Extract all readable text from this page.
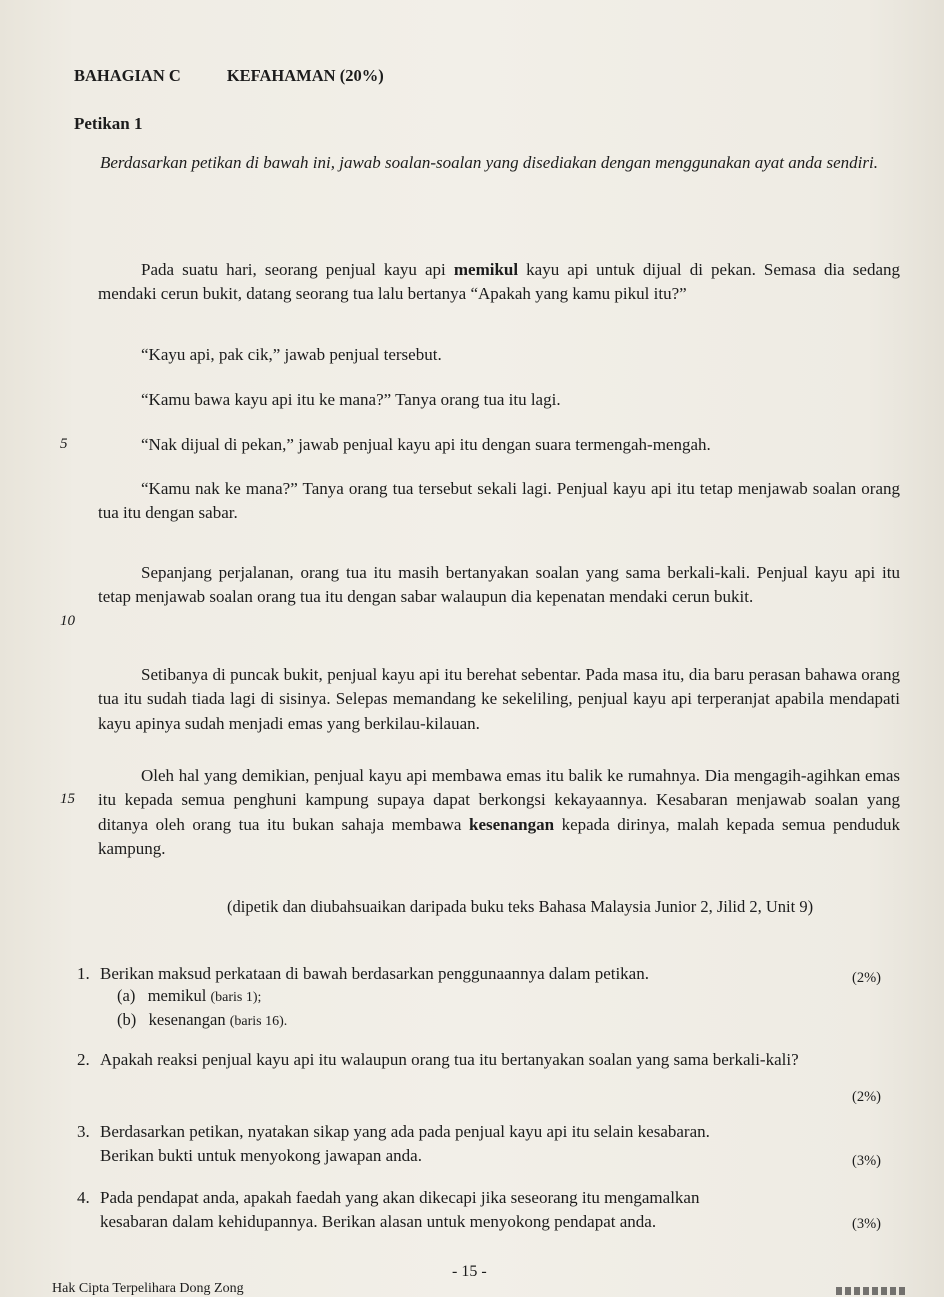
BAHAGIAN C	KEFAHAMAN (20%)
Petikan 1
Berdasarkan petikan di bawah ini, jawab soalan-soalan yang disediakan dengan menggunakan ayat anda sendiri.
Pada suatu hari, seorang penjual kayu api memikul kayu api untuk dijual di pekan. Semasa dia sedang mendaki cerun bukit, datang seorang tua lalu bertanya “Apakah yang kamu pikul itu?”
“Kayu api, pak cik,” jawab penjual tersebut.
“Kamu bawa kayu api itu ke mana?” Tanya orang tua itu lagi.
5	“Nak dijual di pekan,” jawab penjual kayu api itu dengan suara termengah-mengah.
“Kamu nak ke mana?” Tanya orang tua tersebut sekali lagi. Penjual kayu api itu tetap menjawab soalan orang tua itu dengan sabar.
10
Sepanjang perjalanan, orang tua itu masih bertanyakan soalan yang sama berkali-kali. Penjual kayu api itu tetap menjawab soalan orang tua itu dengan sabar walaupun dia kepenatan mendaki cerun bukit.
Setibanya di puncak bukit, penjual kayu api itu berehat sebentar. Pada masa itu, dia baru perasan bahawa orang tua itu sudah tiada lagi di sisinya. Selepas memandang ke sekeliling, penjual kayu api terperanjat apabila mendapati kayu apinya sudah menjadi emas yang berkilau-kilauan.
15
Oleh hal yang demikian, penjual kayu api membawa emas itu balik ke rumahnya. Dia mengagih-agihkan emas itu kepada semua penghuni kampung supaya dapat berkongsi kekayaannya. Kesabaran menjawab soalan yang ditanya oleh orang tua itu bukan sahaja membawa kesenangan kepada dirinya, malah kepada semua penduduk kampung.
(dipetik dan diubahsuaikan daripada buku teks Bahasa Malaysia Junior 2, Jilid 2, Unit 9)
1. Berikan maksud perkataan di bawah berdasarkan penggunaannya dalam petikan.	(2%)
(a) memikul (baris 1);
(b) kesenangan (baris 16).
2. Apakah reaksi penjual kayu api itu walaupun orang tua itu bertanyakan soalan yang sama berkali-kali?
(2%)
3. Berdasarkan petikan, nyatakan sikap yang ada pada penjual kayu api itu selain kesabaran.
Berikan bukti untuk menyokong jawapan anda.	(3%)
4. Pada pendapat anda, apakah faedah yang akan dikecapi jika seseorang itu mengamalkan
kesabaran dalam kehidupannya. Berikan alasan untuk menyokong pendapat anda.	(3%)
- 15 -
Hak Cipta Terpelihara Dong Zong
